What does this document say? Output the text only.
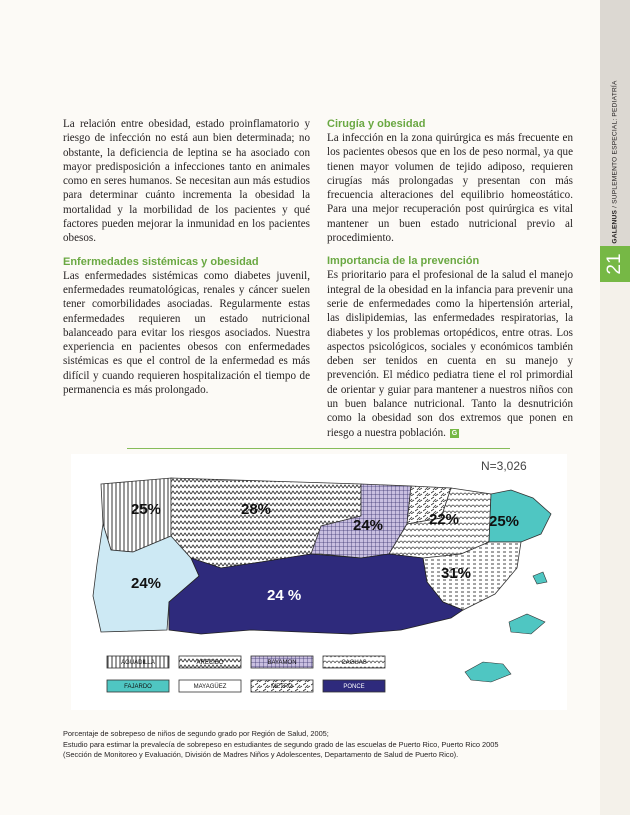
GALENUS / SUPLEMENTO ESPECIAL: PEDIATRÍA
21

La relación entre obesidad, estado proinflamatorio y riesgo de infección no está aun bien determinada; no obstante, la deficiencia de leptina se ha asociado con mayor predisposición a infecciones tanto en animales como en seres humanos. Se necesitan aun más estudios para determinar cuánto incrementa la obesidad la mortalidad y la morbilidad de los pacientes y qué factores pueden mejorar la inmunidad en los pacientes obesos.

Enfermedades sistémicas y obesidad

Las enfermedades sistémicas como diabetes juvenil, enfermedades reumatológicas, renales y cáncer suelen tener comorbilidades asociadas. Regularmente estas enfermedades requieren un estado nutricional balanceado para evitar los riesgos asociados. Nuestra experiencia en pacientes obesos con enfermedades sistémicas es que el control de la enfermedad es más difícil y cuando requieren hospitalización el tiempo de permanencia es más prolongado.

Cirugía y obesidad

La infección en la zona quirúrgica es más frecuente en los pacientes obesos que en los de peso normal, ya que tienen mayor volumen de tejido adiposo, requieren cirugías más prolongadas y presentan con más frecuencia alteraciones del equilibrio homeostático. Para una mejor recuperación post quirúrgica es vital mantener un buen estado nutricional previo al procedimiento.

Importancia de la prevención

Es prioritario para el profesional de la salud el manejo integral de la obesidad en la infancia para prevenir una serie de enfermedades como la hipertensión arterial, las dislipidemias, las enfermedades respiratorias, la diabetes y los problemas ortopédicos, entre otras. Los aspectos psicológicos, sociales y económicos también deben ser tenidos en cuenta en su manejo y prevención. El médico pediatra tiene el rol primordial de orientar y guiar para mantener a nuestros niños con un buen balance nutricional. Tanto la desnutrición como la obesidad son dos extremos que ponen en riesgo a nuestra población. G

N=3,026
25%	28%
24%	22% 25%
24%
24 %
31%
AGUADILLA	ARECIBO	BAYAMON	CAGUAS
FAJARDO	MAYAGÜEZ	METRO	PONCE

Porcentaje de sobrepeso de niños de segundo grado por Región de Salud, 2005;

Estudio para estimar la prevalecía de sobrepeso en estudiantes de segundo grado de las escuelas de Puerto Rico, Puerto Rico 2005

(Sección de Monitoreo y Evaluación, División de Madres Niños y Adolescentes, Departamento de Salud de Puerto Rico).
